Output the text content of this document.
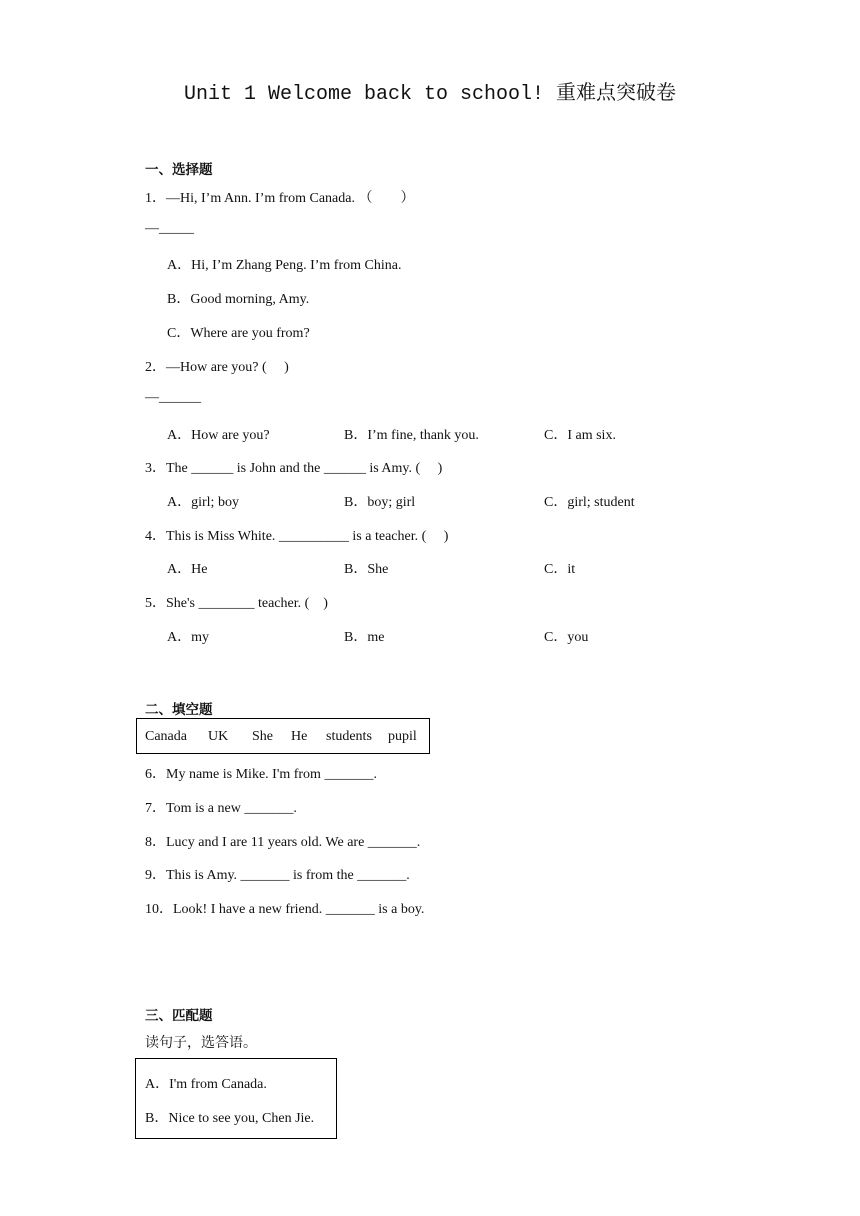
Unit 1 Welcome back to school! 重难点突破卷
一、选择题
1．—Hi, I’m Ann. I’m from Canada. （　　）
—_____
A．Hi, I’m Zhang Peng. I’m from China.
B．Good morning, Amy.
C．Where are you from?
2．—How are you? (　 )
—______
A．How are you?	B．I’m fine, thank you.	C．I am six.
3．The ______ is John and the ______ is Amy. (　 )
A．girl; boy	B．boy; girl	C．girl; student
4．This is Miss White. __________ is a teacher. (　 )
A．He	B．She	C．it
5．She's ________ teacher. (　)
A．my	B．me	C．you
二、填空题
Canada UK She He students pupil
6．My name is Mike. I'm from _______.
7．Tom is a new _______.
8．Lucy and I are 11 years old. We are _______.
9．This is Amy. _______ is from the _______.
10．Look! I have a new friend. _______ is a boy.
三、匹配题
读句子，选答语。
A．I'm from Canada.
B．Nice to see you, Chen Jie.
